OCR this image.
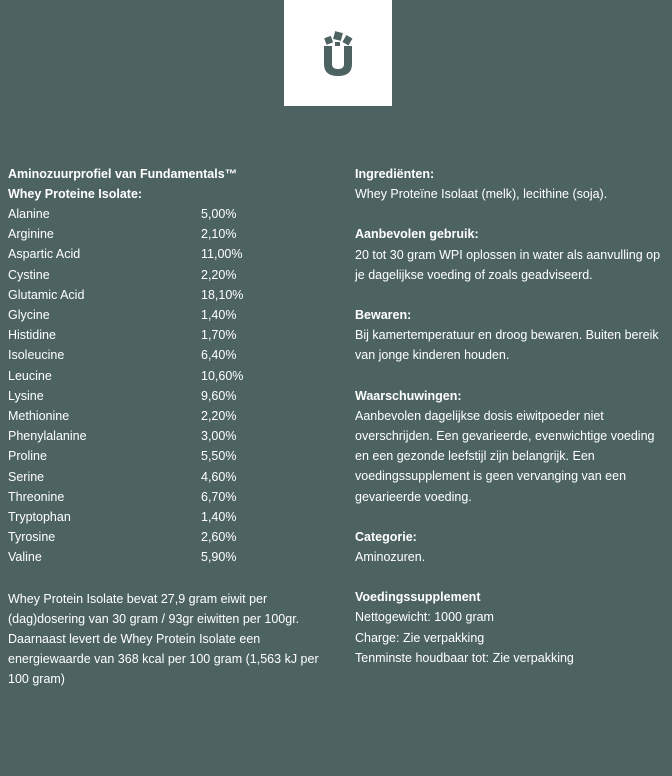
Aminozuurprofiel van Fundamentals™
Whey Proteine Isolate:
Alanine	5,00%
Arginine	2,10%
Aspartic Acid	11,00%
Cystine	2,20%
Glutamic Acid	18,10%
Glycine	1,40%
Histidine	1,70%
Isoleucine	6,40%
Leucine	10,60%
Lysine	9,60%
Methionine	2,20%
Phenylalanine	3,00%
Proline	5,50%
Serine	4,60%
Threonine	6,70%
Tryptophan	1,40%
Tyrosine	2,60%
Valine	5,90%
Whey Protein Isolate bevat 27,9 gram eiwit per (dag)dosering van 30 gram / 93gr eiwitten per 100gr. Daarnaast levert de Whey Protein Isolate een energiewaarde van 368 kcal per 100 gram (1,563 kJ per 100 gram)
Ingrediënten:

Whey Proteïne Isolaat (melk), lecithine (soja).

Aanbevolen gebruik:

20 tot 30 gram WPI oplossen in water als aanvulling op je dagelijkse voeding of zoals geadviseerd.

Bewaren:

Bij kamertemperatuur en droog bewaren. Buiten bereik van jonge kinderen houden.

Waarschuwingen:

Aanbevolen dagelijkse dosis eiwitpoeder niet overschrijden. Een gevarieerde, evenwichtige voeding en een gezonde leefstijl zijn belangrijk. Een voedingssupplement is geen vervanging van een gevarieerde voeding.

Categorie:

Aminozuren.

Voedingssupplement
Nettogewicht: 1000 gram
Charge: Zie verpakking
Tenminste houdbaar tot: Zie verpakking
